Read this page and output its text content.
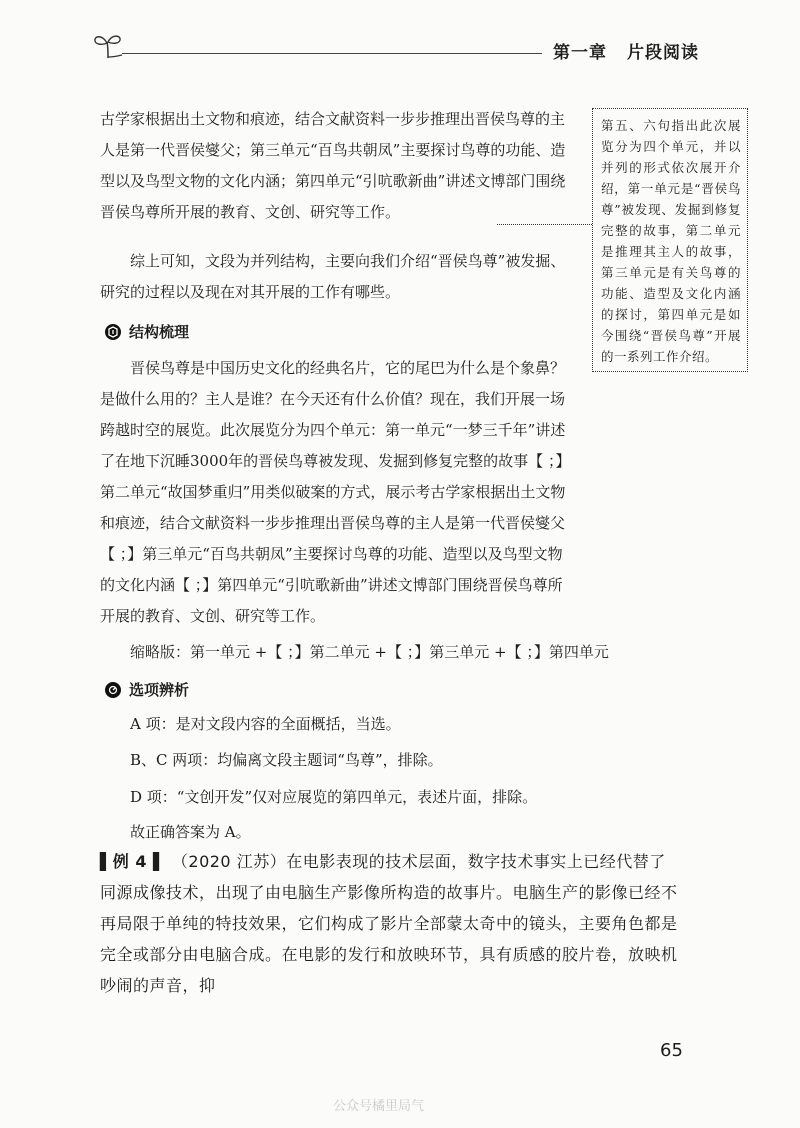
第一章 片段阅读

古学家根据出土文物和痕迹，结合文献资料一步步推理出晋侯鸟尊的主人是第一代晋侯燮父；第三单元“百鸟共朝凤”主要探讨鸟尊的功能、造型以及鸟型文物的文化内涵；第四单元“引吭歌新曲”讲述文博部门围绕晋侯鸟尊所开展的教育、文创、研究等工作。

综上可知，文段为并列结构，主要向我们介绍“晋侯鸟尊”被发掘、研究的过程以及现在对其开展的工作有哪些。

第五、六句指出此次展览分为四个单元，并以并列的形式依次展开介绍，第一单元是“晋侯鸟尊”被发现、发掘到修复完整的故事，第二单元是推理其主人的故事，第三单元是有关鸟尊的功能、造型及文化内涵的探讨，第四单元是如今围绕“晋侯鸟尊”开展的一系列工作介绍。
结构梳理

晋侯鸟尊是中国历史文化的经典名片，它的尾巴为什么是个象鼻？是做什么用的？主人是谁？在今天还有什么价值？现在，我们开展一场跨越时空的展览。此次展览分为四个单元：第一单元“一梦三千年”讲述了在地下沉睡3000年的晋侯鸟尊被发现、发掘到修复完整的故事【 ；】第二单元“故国梦重归”用类似破案的方式，展示考古学家根据出土文物和痕迹，结合文献资料一步步推理出晋侯鸟尊的主人是第一代晋侯燮父【 ；】第三单元“百鸟共朝凤”主要探讨鸟尊的功能、造型以及鸟型文物的文化内涵【 ；】第四单元“引吭歌新曲”讲述文博部门围绕晋侯鸟尊所开展的教育、文创、研究等工作。

缩略版：第一单元 +【 ；】第二单元 +【 ；】第三单元 +【 ；】第四单元
选项辨析
A 项：是对文段内容的全面概括，当选。
B、C 两项：均偏离文段主题词“鸟尊”，排除。
D 项：“文创开发”仅对应展览的第四单元，表述片面，排除。
故正确答案为 A。

▌例 4 ▌ （2020 江苏）在电影表现的技术层面，数字技术事实上已经代替了同源成像技术，出现了由电脑生产影像所构造的故事片。电脑生产的影像已经不再局限于单纯的特技效果，它们构成了影片全部蒙太奇中的镜头，主要角色都是完全或部分由电脑合成。在电影的发行和放映环节，具有质感的胶片卷，放映机吵闹的声音，抑

65
公众号橘里局气
